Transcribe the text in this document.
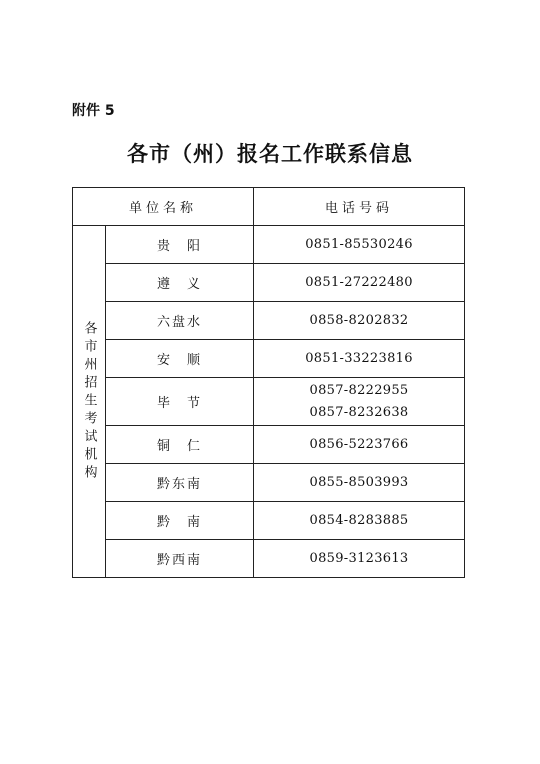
附件 5
各市（州）报名工作联系信息
单位名称		电话号码

各市州招生考试机构	贵　阳	0851-85530246

	遵　义	0851-27222480

	六盘水	0858-8202832

	安　顺	0851-33223816

	毕　节	0857-8222955
0857-8232638

	铜　仁	0856-5223766

	黔东南	0855-8503993

	黔　南	0854-8283885

	黔西南	0859-3123613
